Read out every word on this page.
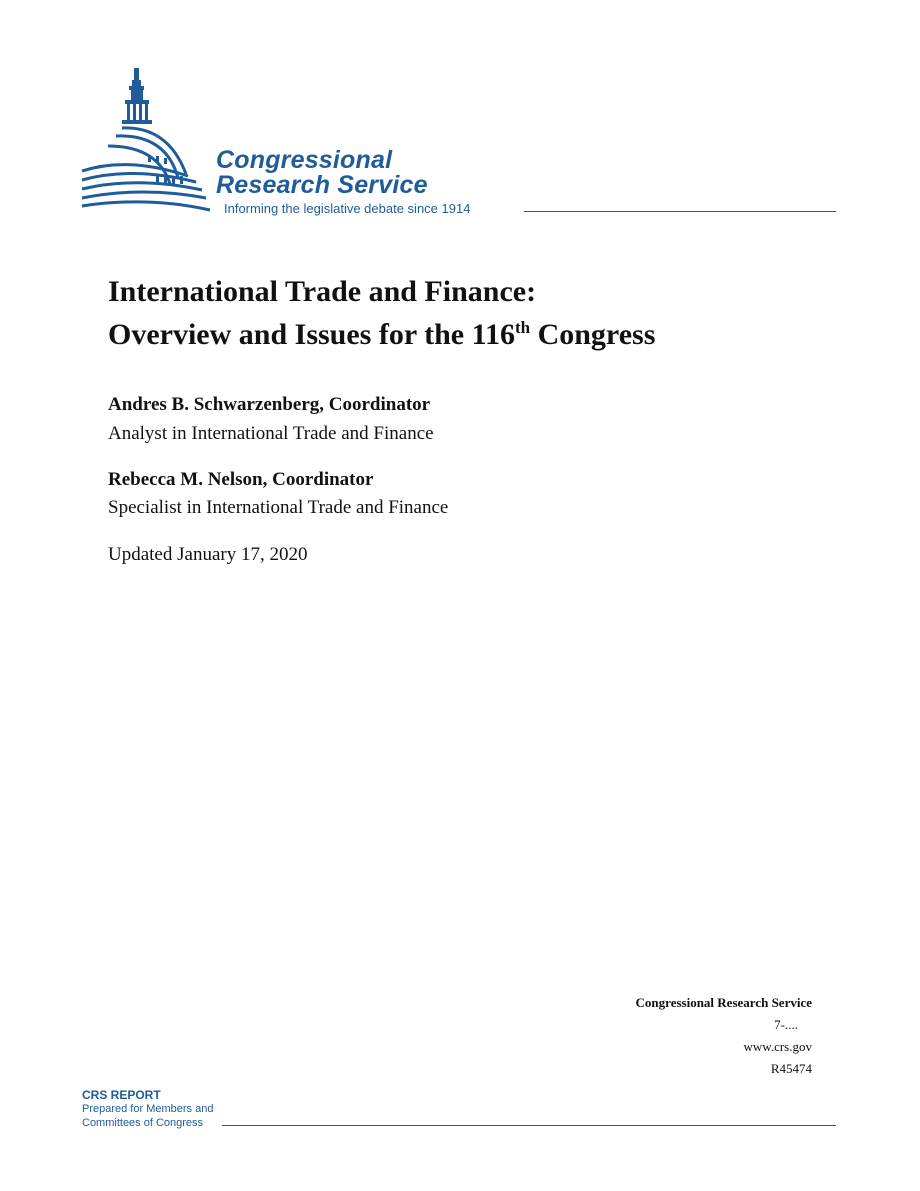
Congressional
Research Service
Informing the legislative debate since 1914
International Trade and Finance:
Overview and Issues for the 116th Congress
Andres B. Schwarzenberg, Coordinator
Analyst in International Trade and Finance
Rebecca M. Nelson, Coordinator
Specialist in International Trade and Finance
Updated January 17, 2020
Congressional Research Service
7-....
www.crs.gov
R45474
CRS REPORT
Prepared for Members and
Committees of Congress
